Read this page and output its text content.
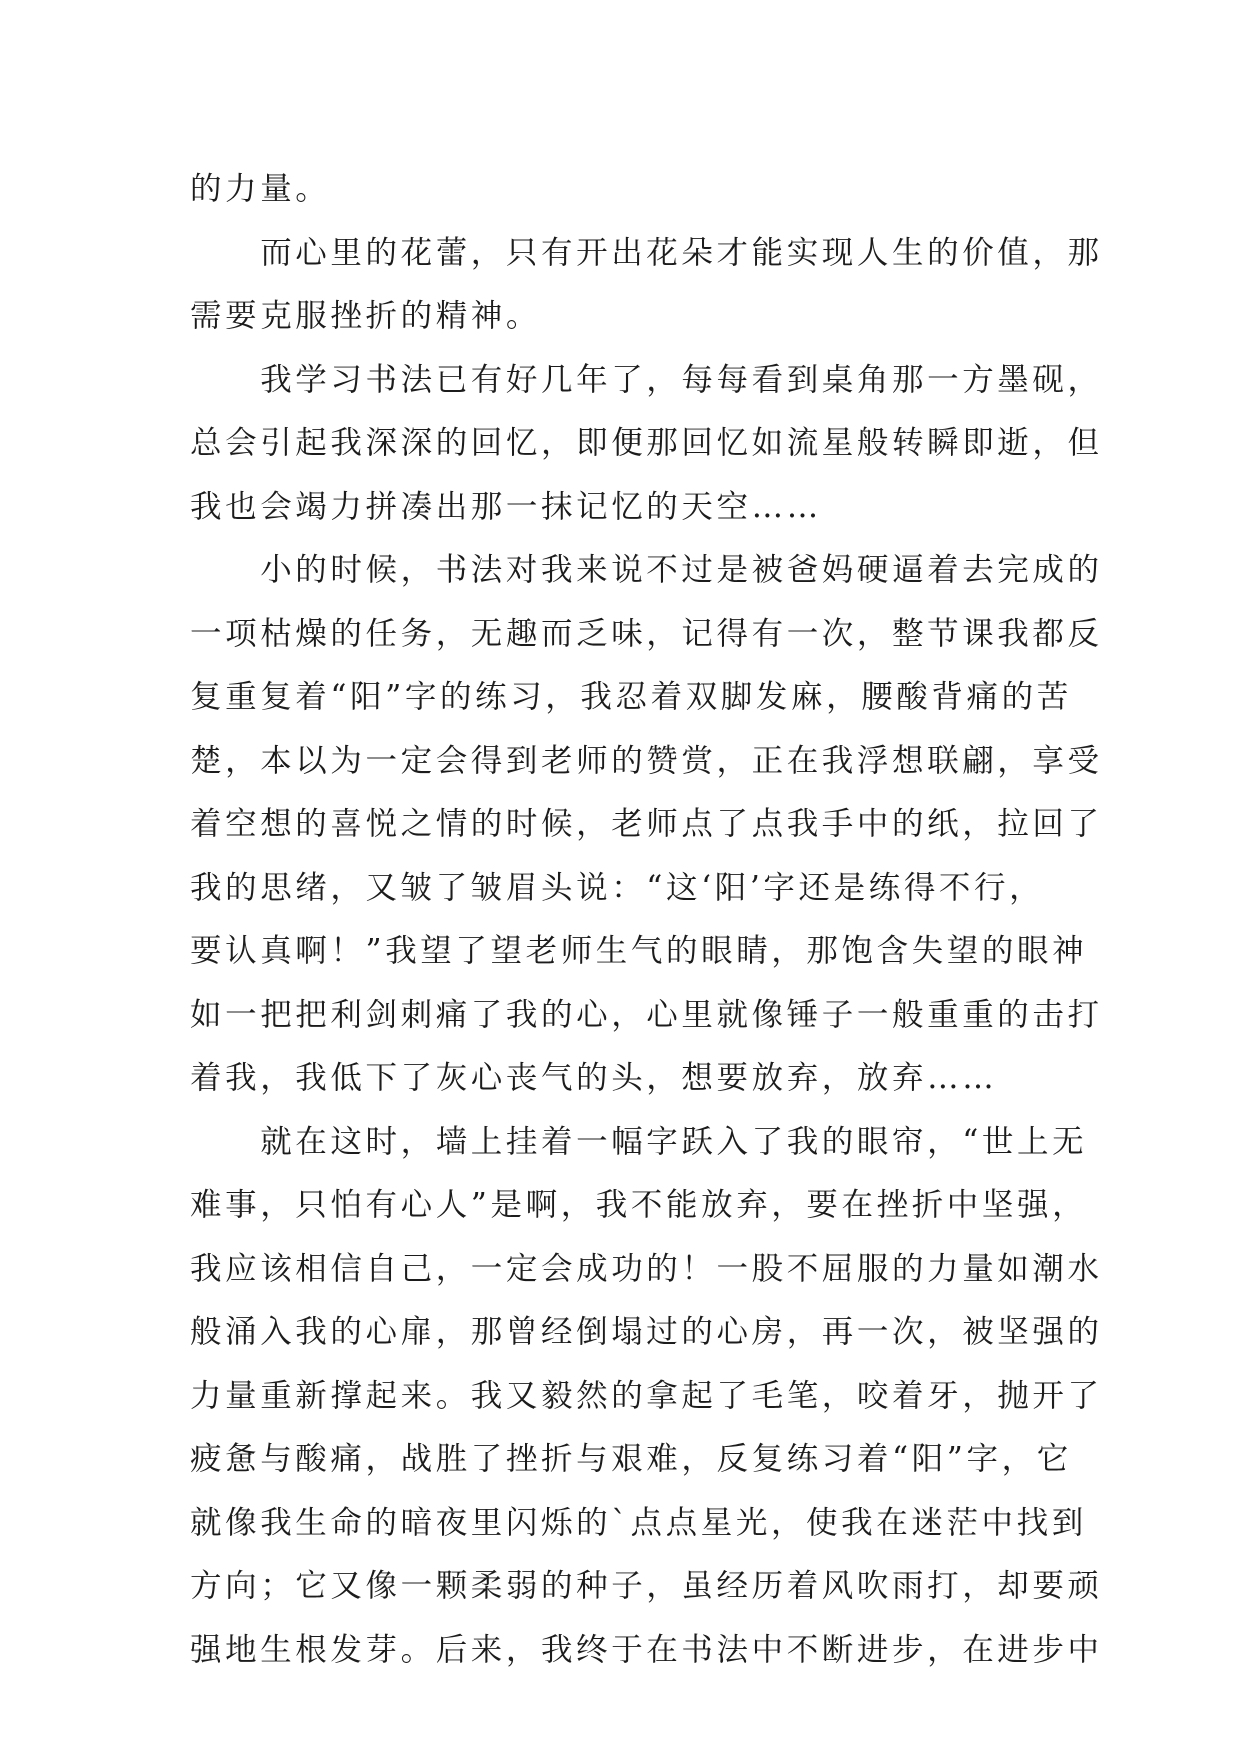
的力量。
　　而心里的花蕾，只有开出花朵才能实现人生的价值，那
需要克服挫折的精神。
　　我学习书法已有好几年了，每每看到桌角那一方墨砚，
总会引起我深深的回忆，即便那回忆如流星般转瞬即逝，但
我也会竭力拼凑出那一抹记忆的天空……
　　小的时候，书法对我来说不过是被爸妈硬逼着去完成的
一项枯燥的任务，无趣而乏味，记得有一次，整节课我都反
复重复着“阳”字的练习，我忍着双脚发麻，腰酸背痛的苦
楚，本以为一定会得到老师的赞赏，正在我浮想联翩，享受
着空想的喜悦之情的时候，老师点了点我手中的纸，拉回了
我的思绪，又皱了皱眉头说：“这‘阳’字还是练得不行，
要认真啊！”我望了望老师生气的眼睛，那饱含失望的眼神
如一把把利剑刺痛了我的心，心里就像锤子一般重重的击打
着我，我低下了灰心丧气的头，想要放弃，放弃……
　　就在这时，墙上挂着一幅字跃入了我的眼帘，“世上无
难事，只怕有心人”是啊，我不能放弃，要在挫折中坚强，
我应该相信自己，一定会成功的！一股不屈服的力量如潮水
般涌入我的心扉，那曾经倒塌过的心房，再一次，被坚强的
力量重新撑起来。我又毅然的拿起了毛笔，咬着牙，抛开了
疲惫与酸痛，战胜了挫折与艰难，反复练习着“阳”字，它
就像我生命的暗夜里闪烁的`点点星光，使我在迷茫中找到
方向；它又像一颗柔弱的种子，虽经历着风吹雨打，却要顽
强地生根发芽。后来，我终于在书法中不断进步，在进步中
